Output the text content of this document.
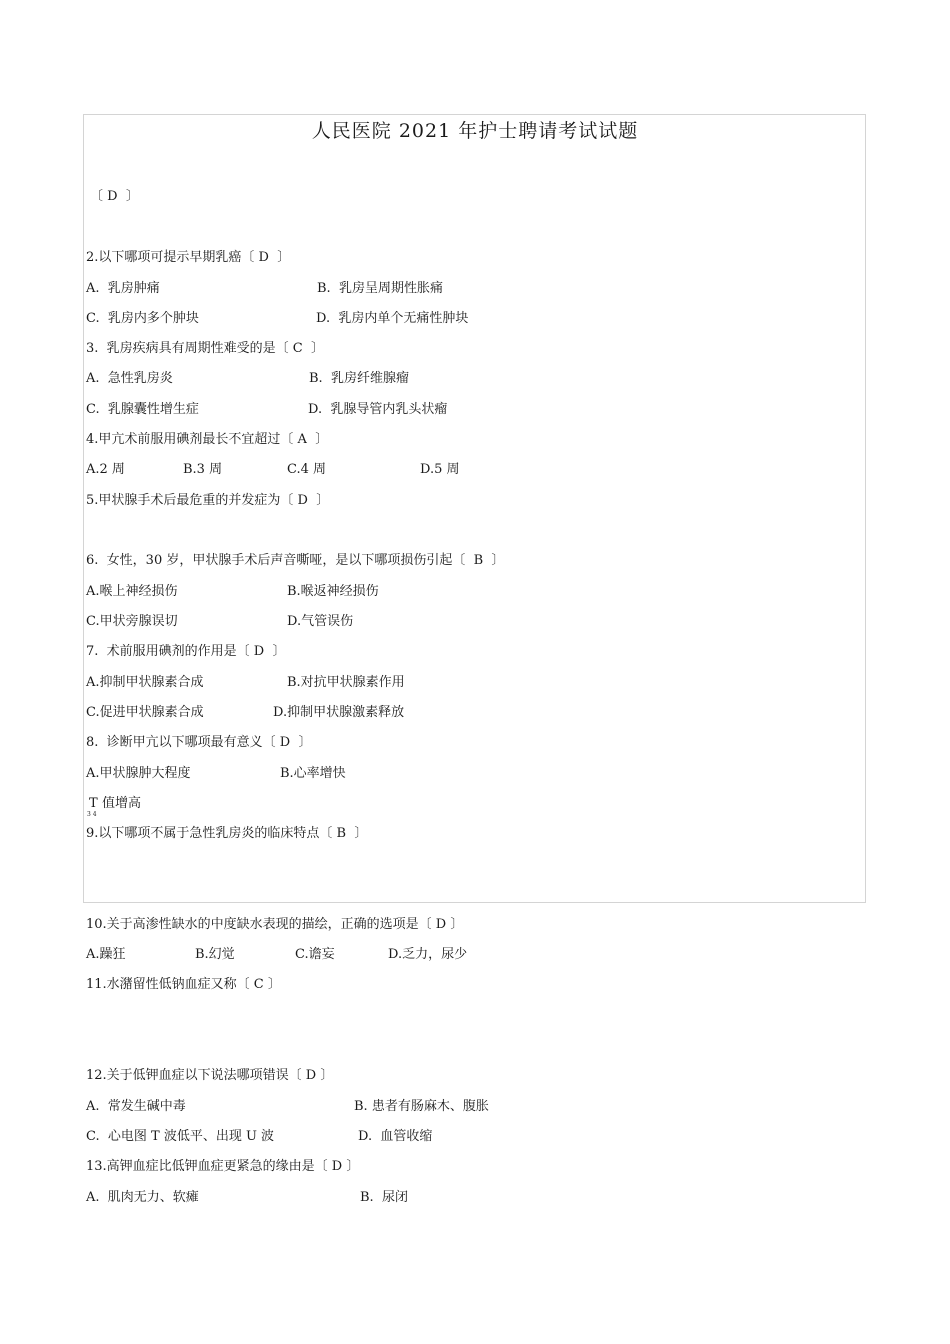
人民医院 2021 年护士聘请考试试题
〔 D  〕
2.以下哪项可提示早期乳癌〔 D  〕
A.  乳房肿痛	B.  乳房呈周期性胀痛
C.  乳房内多个肿块	D.  乳房内单个无痛性肿块
3.  乳房疾病具有周期性难受的是〔 C  〕
A.  急性乳房炎	B.  乳房纤维腺瘤
C.  乳腺囊性增生症	D.  乳腺导管内乳头状瘤
4.甲亢术前服用碘剂最长不宜超过〔 A  〕
A.2 周	B.3 周	C.4 周	D.5 周
5.甲状腺手术后最危重的并发症为〔 D  〕
6.  女性，30 岁，甲状腺手术后声音嘶哑，是以下哪项损伤引起〔  B  〕
A.喉上神经损伤	B.喉返神经损伤
C.甲状旁腺误切	D.气管误伤
7.  术前服用碘剂的作用是〔 D  〕
A.抑制甲状腺素合成	B.对抗甲状腺素作用
C.促进甲状腺素合成	D.抑制甲状腺激素释放
8.  诊断甲亢以下哪项最有意义〔 D  〕
A.甲状腺肿大程度	B.心率增快
T 值增高
3 4
9.以下哪项不属于急性乳房炎的临床特点〔 B  〕
10.关于高渗性缺水的中度缺水表现的描绘，正确的选项是〔 D 〕
A.躁狂	B.幻觉	C.谵妄	D.乏力，尿少
11.水潴留性低钠血症又称〔 C 〕
12.关于低钾血症以下说法哪项错误〔 D 〕
A.  常发生碱中毒	B. 患者有肠麻木、腹胀
C.  心电图 T 波低平、出现 U 波	D.  血管收缩
13.高钾血症比低钾血症更紧急的缘由是〔 D 〕
A.  肌肉无力、软瘫	B.  尿闭
